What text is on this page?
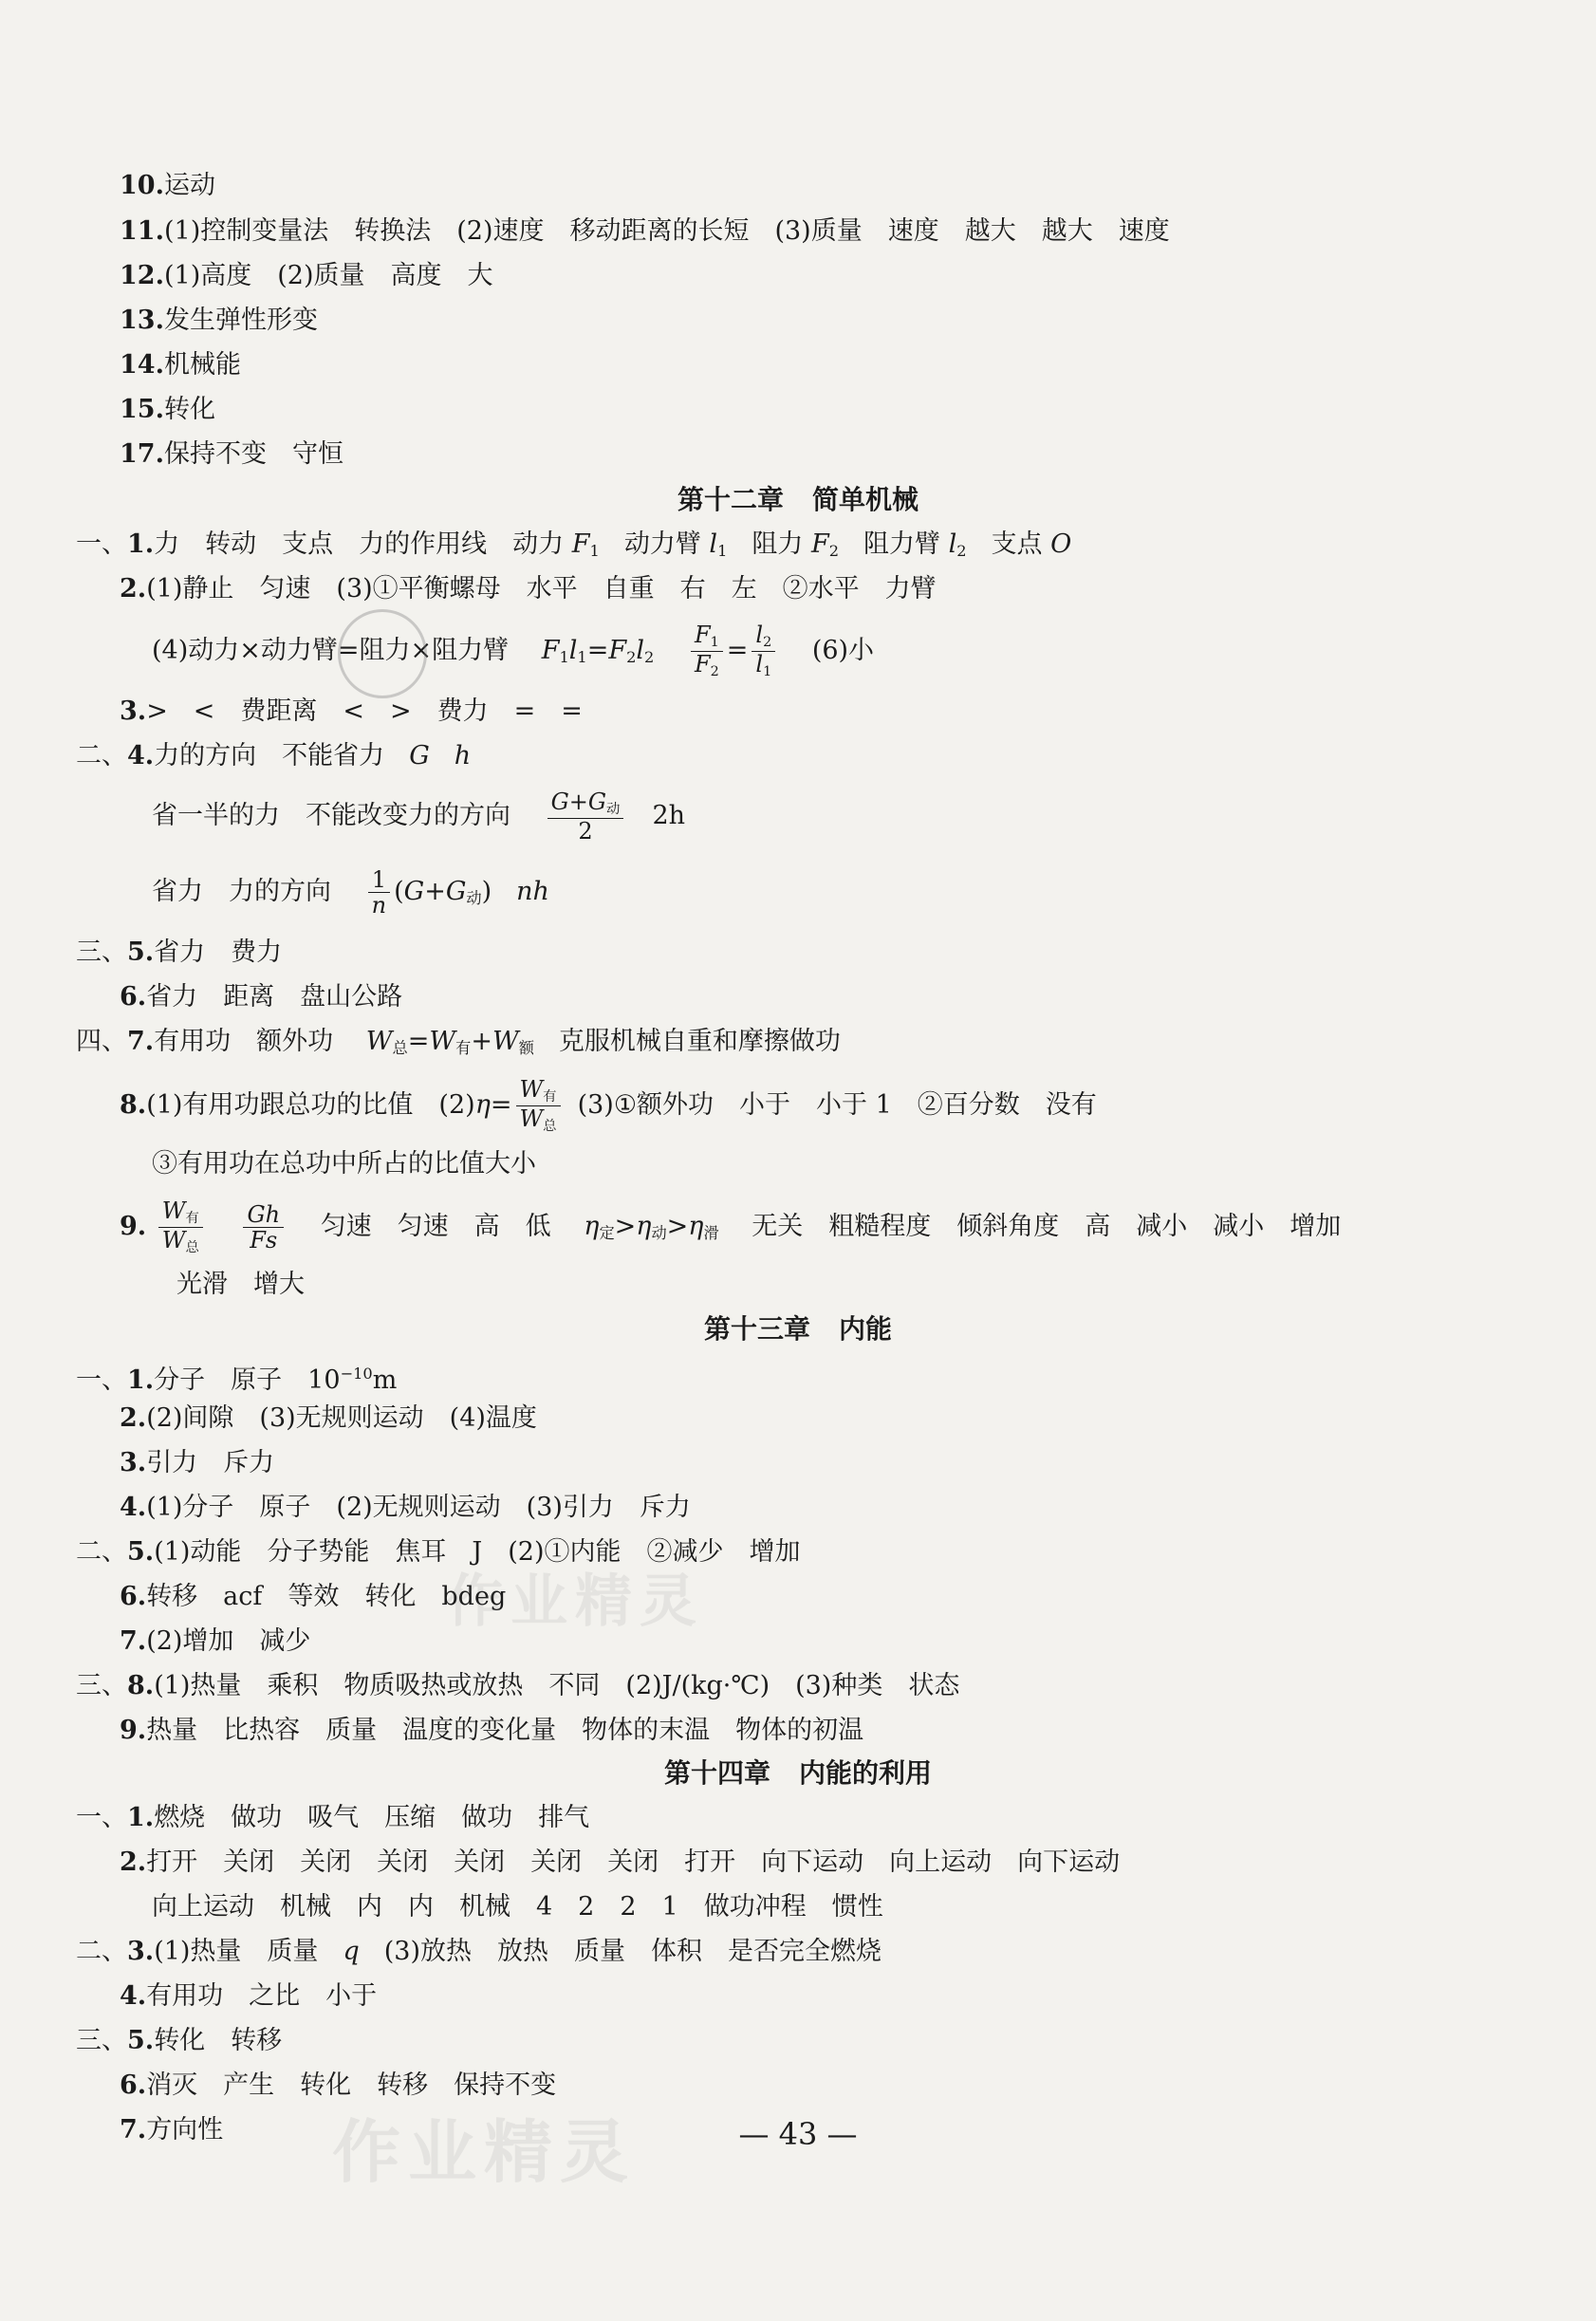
10.运动
11.(1)控制变量法　转换法　(2)速度　移动距离的长短　(3)质量　速度　越大　越大　速度
12.(1)高度　(2)质量　高度　大
13.发生弹性形变
14.机械能
15.转化
17.保持不变　守恒
第十二章 简单机械
一、1.力　转动　支点　力的作用线　动力 $F_1$ 动力臂 $l_1$ 阻力 $F_2$ 阻力臂 $l_2$ 支点 O
2.(1)静止　匀速　(3)①平衡螺母　水平　自重　右　左　②水平　力臂
(4)动力×动力臂=阻力×阻力臂 $F_1l_1=F_2l_2 \frac{F_1}{F_2} = \frac{l_2}{l_1} (6)$小
3.>　<　费距离　<　>　费力　=　=
二、4.力的方向　不能省力 G h
省一半的力　不能改变力的方向 $\frac{G+G_动}{2} 2h$
省力　力的方向 $\frac{1}{n} (G+G_动)$ nh
三、5.省力　费力
6.省力　距离　盘山公路
四、7.有用功　额外功 $W_总=W_有+W_额$ 克服机械自重和摩擦做功
8.(1)有用功跟总功的比值　$(2)\eta= \frac{W_有}{W_总}$ (3)①额外功　小于　小于 1　②百分数　没有
③有用功在总功中所占的比值大小
9. $\frac{W_有}{W_总}$
$\frac{Gh}{Fs}$ 匀速　匀速　高　低 $\eta_定>\eta_动>\eta_滑$ 无关　粗糙程度　倾斜角度　高　减小　减小　增加
光滑　增大
第十三章 内能
一、1.分子　原子　$10^{-10}m$
2.(2)间隙　(3)无规则运动　(4)温度
3.引力　斥力
4.(1)分子　原子　(2)无规则运动　(3)引力　斥力
二、5.(1)动能　分子势能　焦耳　J　(2)①内能　②减少　增加
6.转移　acf　等效　转化　bdeg
7.(2)增加　减少
三、8.(1)热量　乘积　物质吸热或放热　不同　(2)J/(kg·℃)　(3)种类　状态
9.热量　比热容　质量　温度的变化量　物体的末温　物体的初温
第十四章 内能的利用
一、1.燃烧　做功　吸气　压缩　做功　排气
2.打开　关闭　关闭　关闭　关闭　关闭　关闭　打开　向下运动　向上运动　向下运动
向上运动　机械　内　内　机械　4　2　2　1　做功冲程　惯性
二、3.(1)热量　质量 q (3)放热　放热　质量　体积　是否完全燃烧
4.有用功　之比　小于
三、5.转化　转移
6.消灭　产生　转化　转移　保持不变
7.方向性 作业精灵
作业精灵
— 43 —
